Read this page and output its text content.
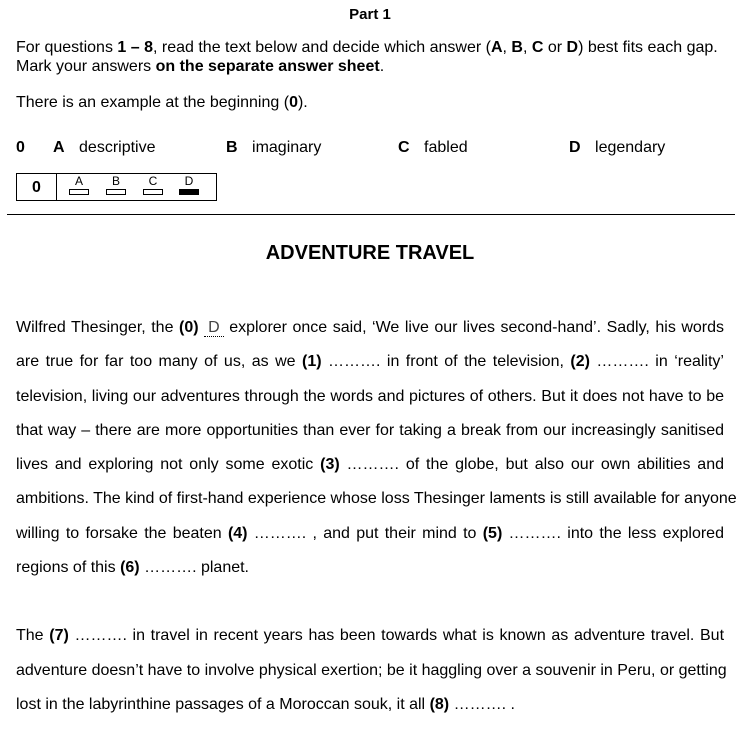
Part 1
For questions 1 – 8, read the text below and decide which answer (A, B, C or D) best fits each gap.
Mark your answers on the separate answer sheet.
There is an example at the beginning (0).
0 A descriptive	B imaginary	C fabled	D legendary
0	A	B	C	D
ADVENTURE TRAVEL
Wilfred Thesinger, the (0) D explorer once said, ‘We live our lives second-hand’. Sadly, his words
are true for far too many of us, as we (1) ………. in front of the television, (2) ………. in ‘reality’
television, living our adventures through the words and pictures of others. But it does not have to be
that way – there are more opportunities than ever for taking a break from our increasingly sanitised
lives and exploring not only some exotic (3) ………. of the globe, but also our own abilities and
ambitions. The kind of first-hand experience whose loss Thesinger laments is still available for anyone
willing to forsake the beaten (4) ………. , and put their mind to (5) ………. into the less explored
regions of this (6) ………. planet.
The (7) ………. in travel in recent years has been towards what is known as adventure travel. But
adventure doesn’t have to involve physical exertion; be it haggling over a souvenir in Peru, or getting
lost in the labyrinthine passages of a Moroccan souk, it all (8) ………. .
